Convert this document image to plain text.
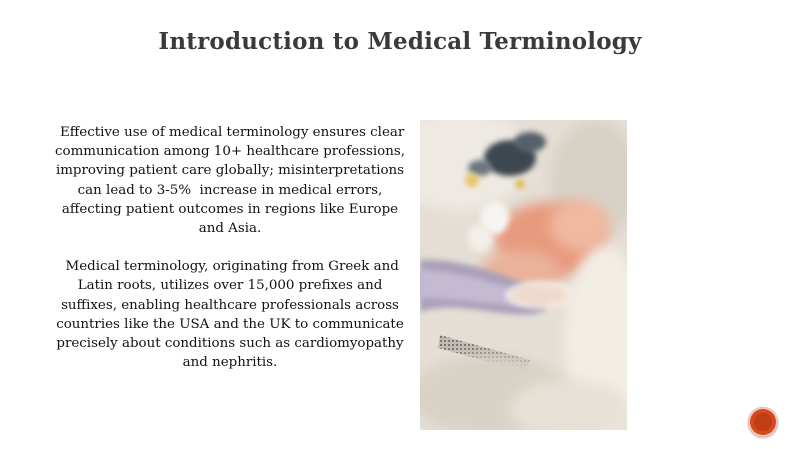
Introduction to Medical Terminology

Effective use of medical terminology ensures clear communication among 10+ healthcare professions, improving patient care globally; misinterpretations can lead to 3-5%  increase in medical errors, affecting patient outcomes in regions like Europe and Asia.

Medical terminology, originating from Greek and Latin roots, utilizes over 15,000 prefixes and suffixes, enabling healthcare professionals across countries like the USA and the UK to communicate precisely about conditions such as cardiomyopathy and nephritis.
